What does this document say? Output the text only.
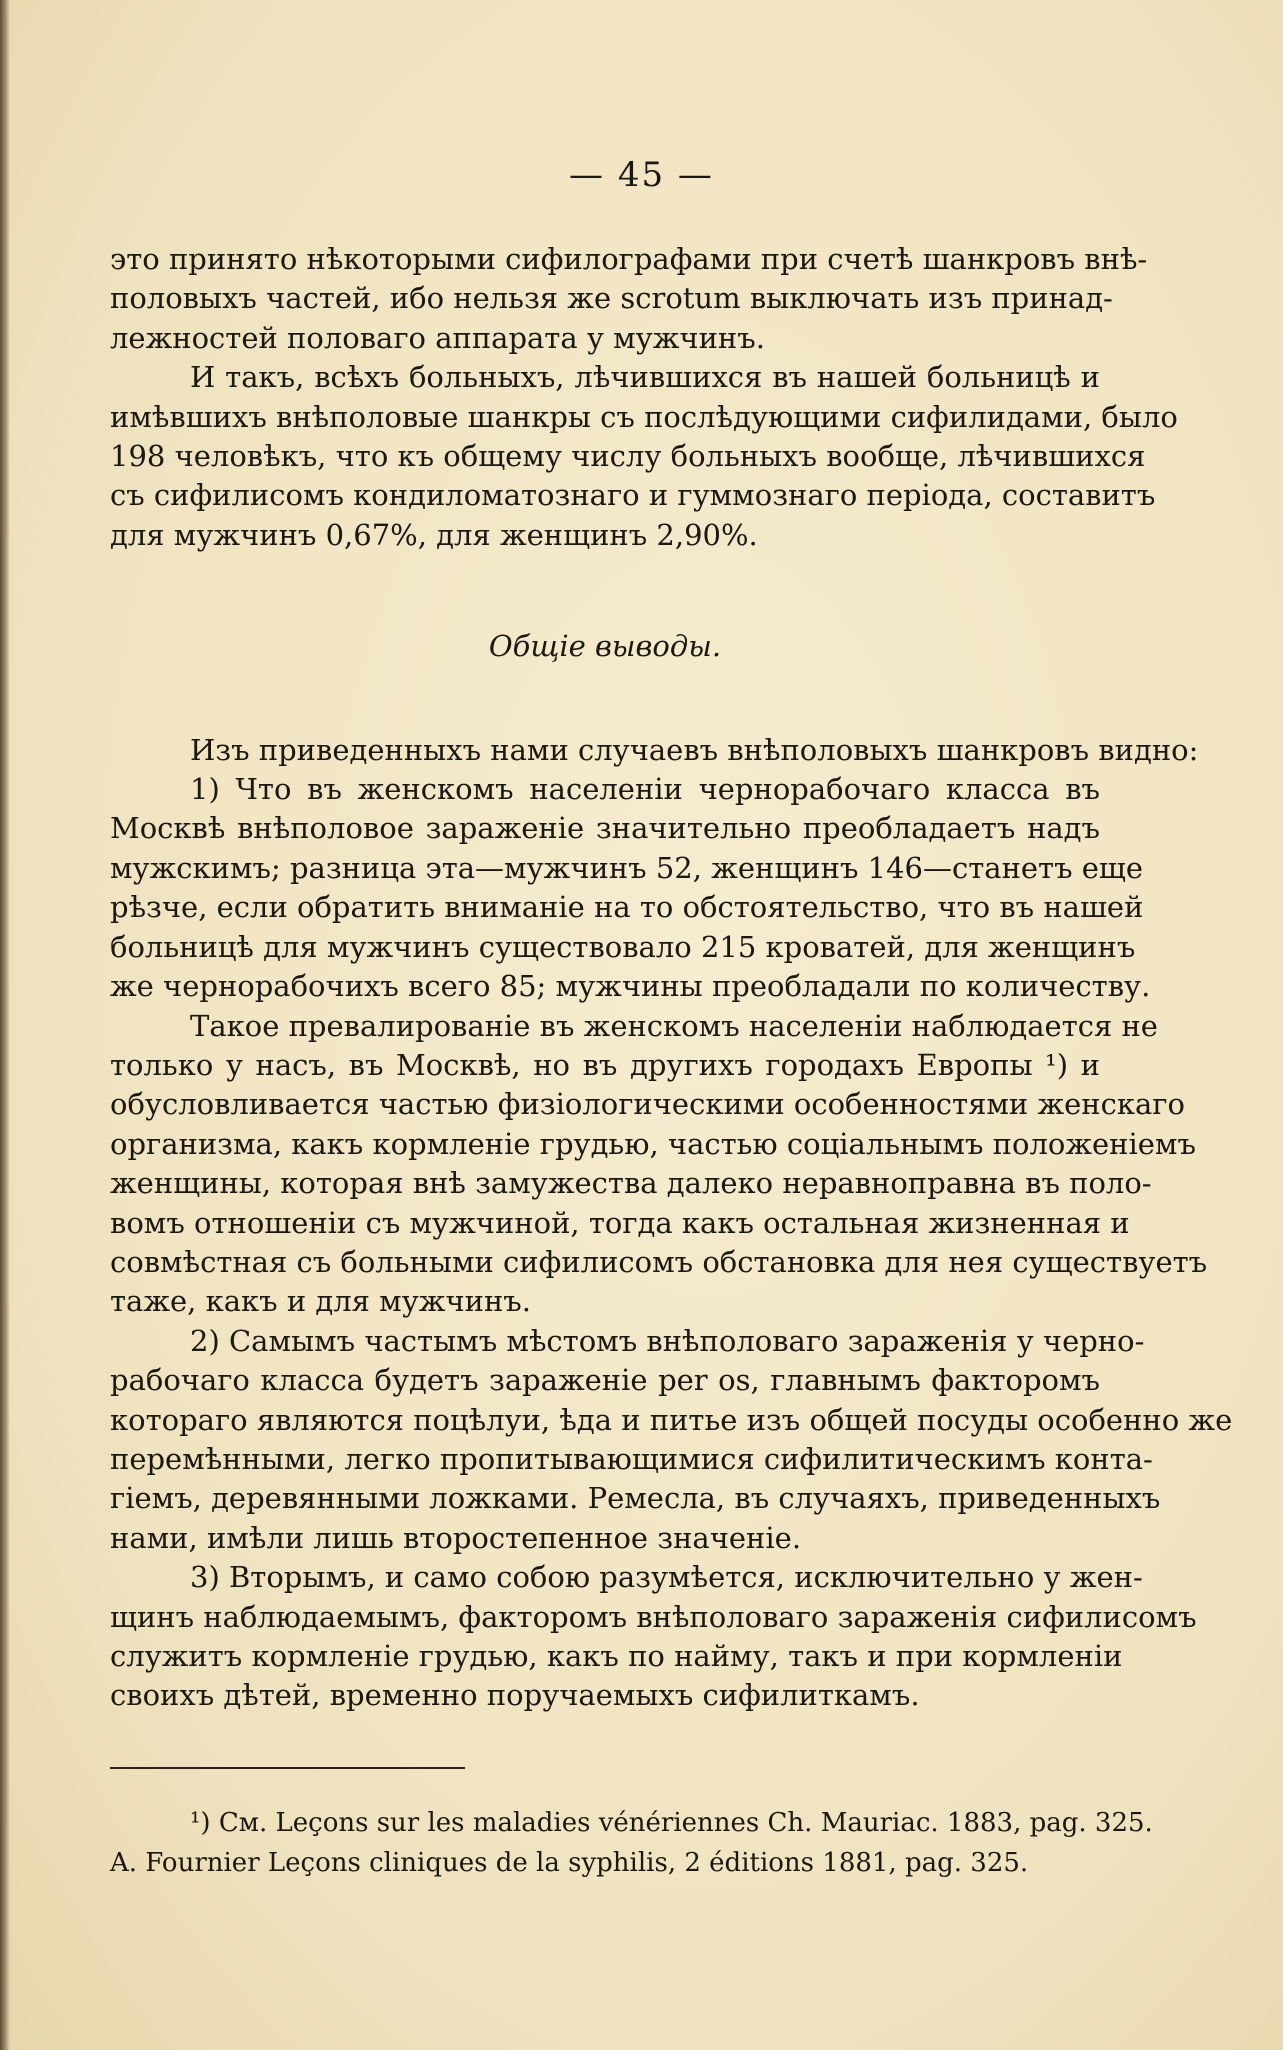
— 45 —
это принято нѣкоторыми сифилографами при счетѣ шанкровъ внѣ-
половыхъ частей, ибо нельзя же scrotum выключать изъ принад-
лежностей половаго аппарата у мужчинъ.
И такъ, всѣхъ больныхъ, лѣчившихся въ нашей больницѣ и
имѣвшихъ внѣполовые шанкры съ послѣдующими сифилидами, было
198 человѣкъ, что къ общему числу больныхъ вообще, лѣчившихся
съ сифилисомъ кондиломатознаго и гуммознаго періода, составитъ
для мужчинъ 0,67%, для женщинъ 2,90%.
Общіе выводы.
Изъ приведенныхъ нами случаевъ внѣполовыхъ шанкровъ видно:
1) Что въ женскомъ населеніи чернорабочаго класса въ
Москвѣ внѣполовое зараженіе значительно преобладаетъ надъ
мужскимъ; разница эта—мужчинъ 52, женщинъ 146—станетъ еще
рѣзче, если обратить вниманіе на то обстоятельство, что въ нашей
больницѣ для мужчинъ существовало 215 кроватей, для женщинъ
же чернорабочихъ всего 85; мужчины преобладали по количеству.
Такое превалированіе въ женскомъ населеніи наблюдается не
только у насъ, въ Москвѣ, но въ другихъ городахъ Европы ¹) и
обусловливается частью физіологическими особенностями женскаго
организма, какъ кормленіе грудью, частью соціальнымъ положеніемъ
женщины, которая внѣ замужества далеко неравноправна въ поло-
вомъ отношеніи съ мужчиной, тогда какъ остальная жизненная и
совмѣстная съ больными сифилисомъ обстановка для нея существуетъ
таже, какъ и для мужчинъ.
2) Самымъ частымъ мѣстомъ внѣполоваго зараженія у черно-
рабочаго класса будетъ зараженіе per os, главнымъ факторомъ
котораго являются поцѣлуи, ѣда и питье изъ общей посуды особенно же
перемѣнными, легко пропитывающимися сифилитическимъ конта-
гіемъ, деревянными ложками. Ремесла, въ случаяхъ, приведенныхъ
нами, имѣли лишь второстепенное значеніе.
3) Вторымъ, и само собою разумѣется, исключительно у жен-
щинъ наблюдаемымъ, факторомъ внѣполоваго зараженія сифилисомъ
служитъ кормленіе грудью, какъ по найму, такъ и при кормленіи
своихъ дѣтей, временно поручаемыхъ сифилиткамъ.
¹) См. Leçons sur les maladies vénériennes Ch. Mauriac. 1883, pag. 325.
A. Fournier Leçons cliniques de la syphilis, 2 éditions 1881, pag. 325.
